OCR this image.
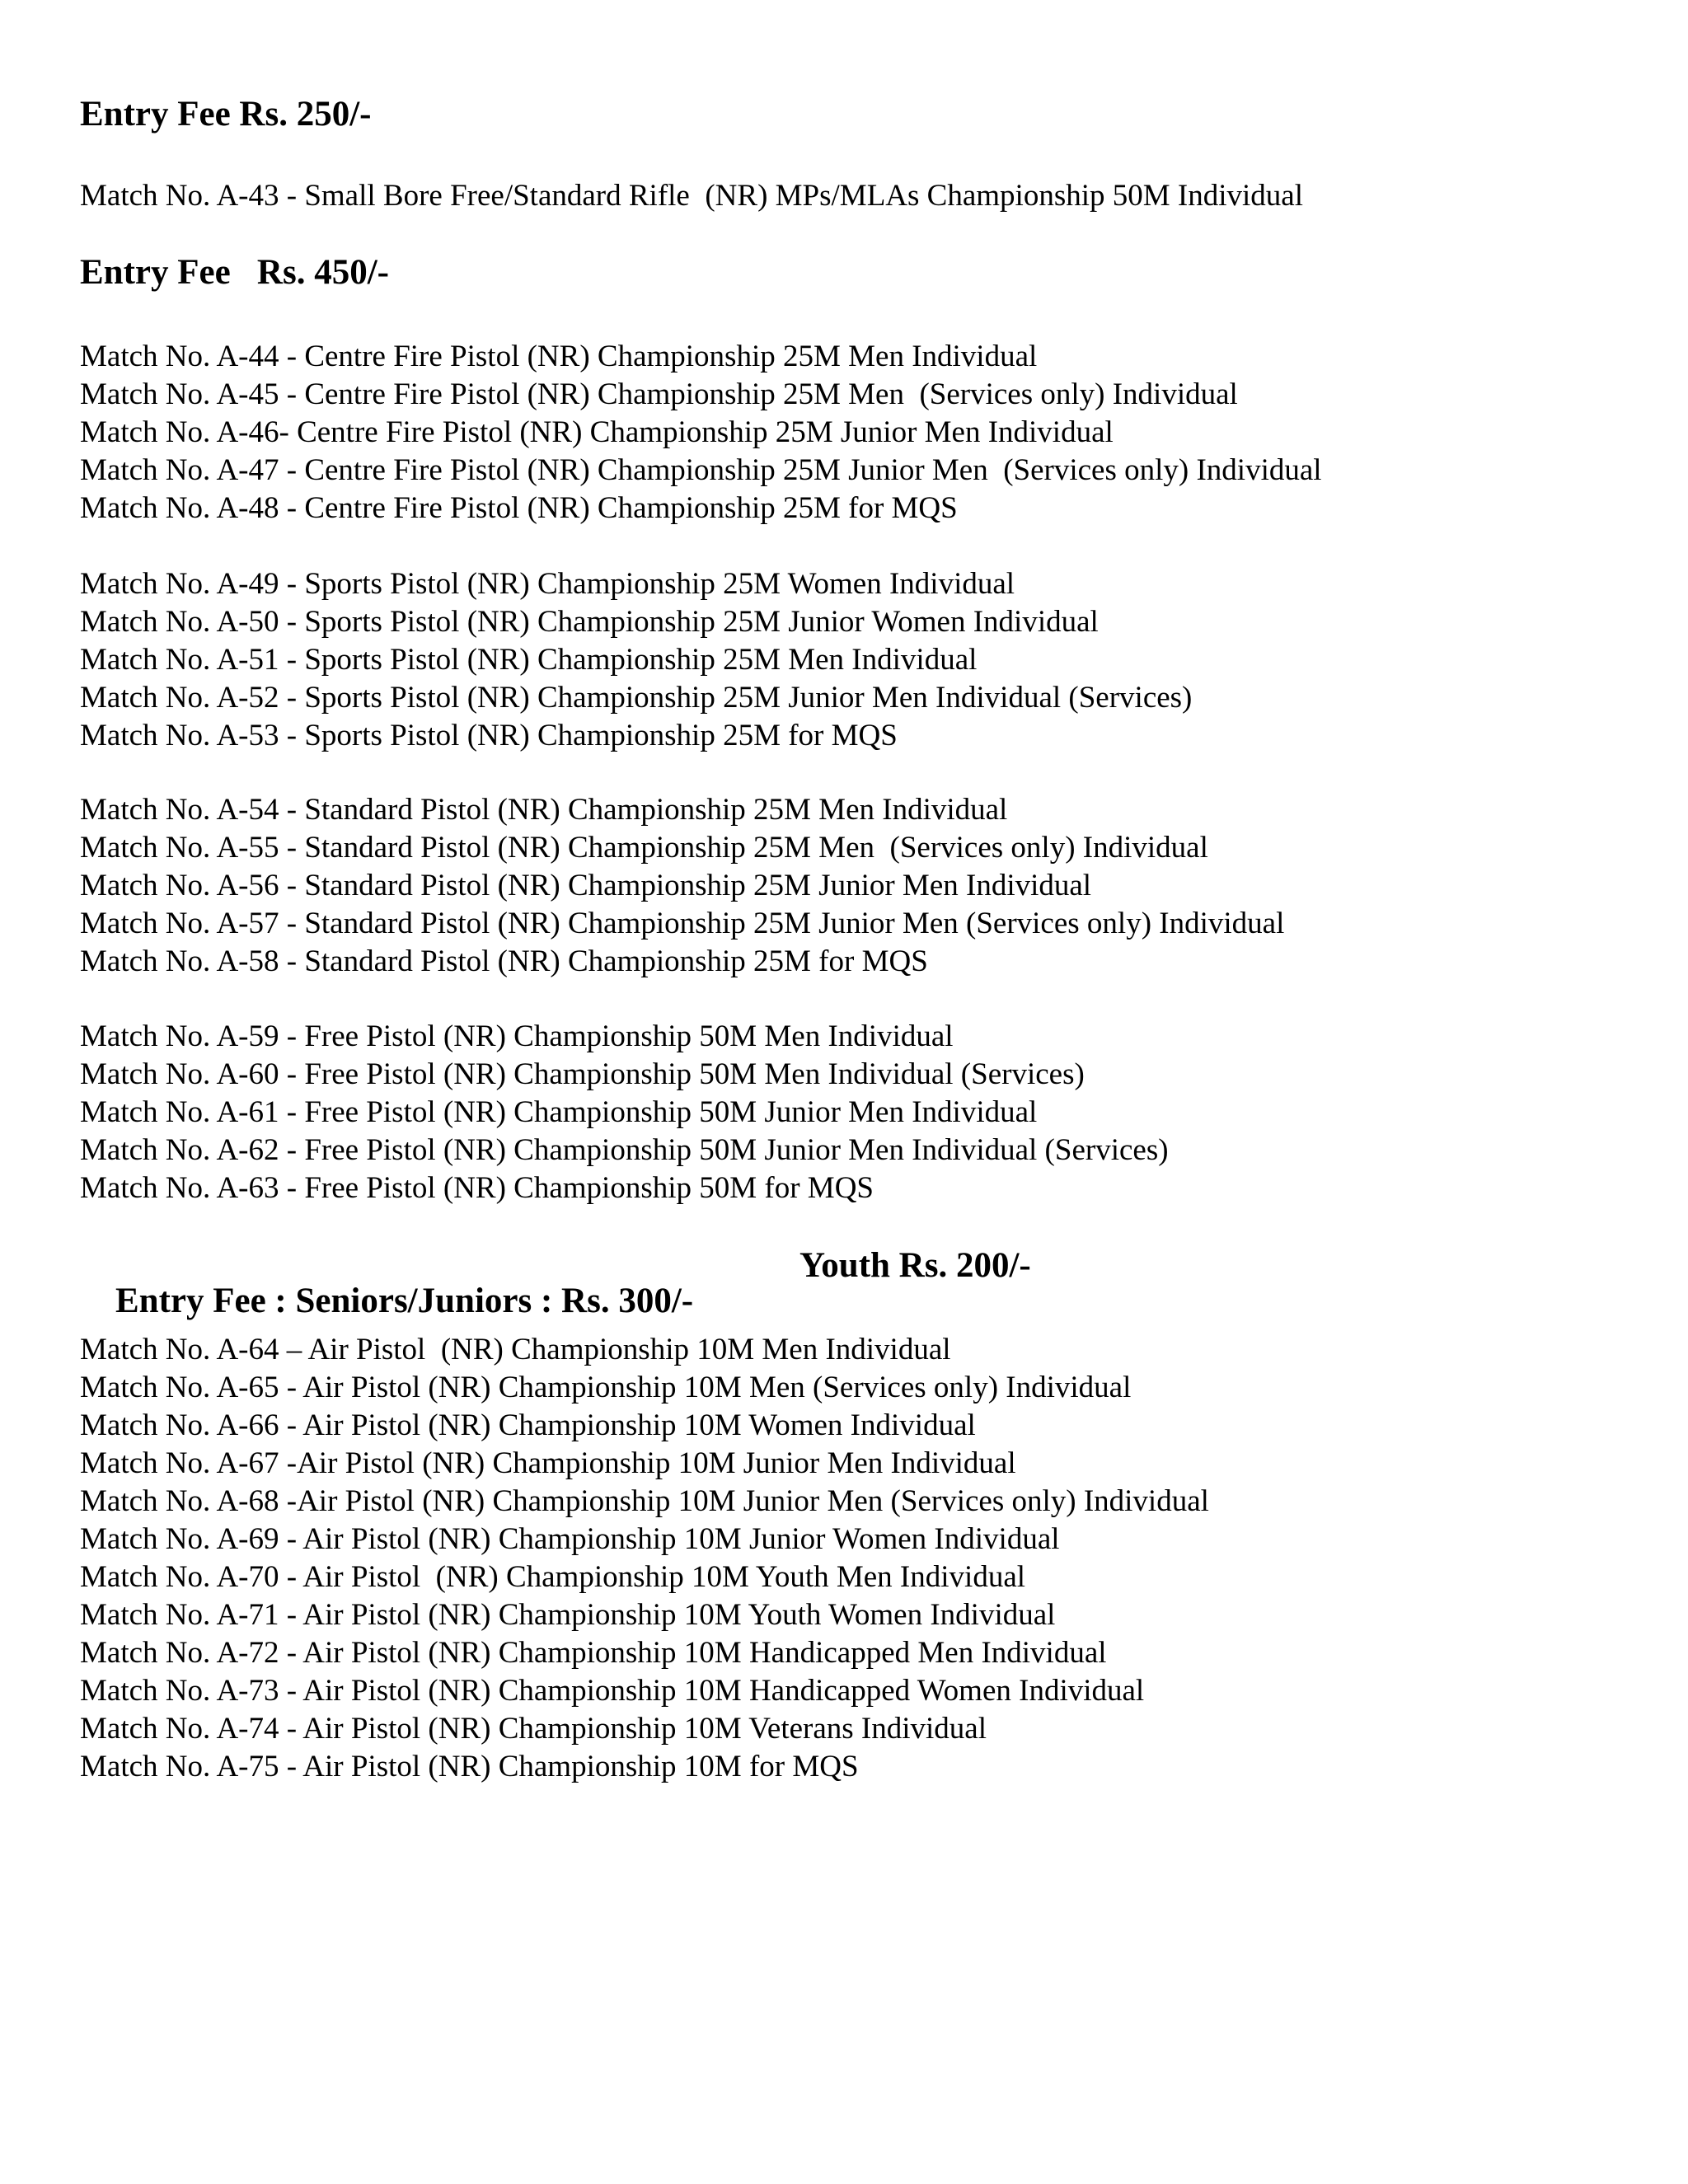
Entry Fee Rs. 250/-
Match No. A-43 - Small Bore Free/Standard Rifle  (NR) MPs/MLAs Championship 50M Individual
Entry Fee   Rs. 450/-
Match No. A-44 - Centre Fire Pistol (NR) Championship 25M Men Individual
Match No. A-45 - Centre Fire Pistol (NR) Championship 25M Men  (Services only) Individual
Match No. A-46- Centre Fire Pistol (NR) Championship 25M Junior Men Individual
Match No. A-47 - Centre Fire Pistol (NR) Championship 25M Junior Men  (Services only) Individual
Match No. A-48 - Centre Fire Pistol (NR) Championship 25M for MQS
Match No. A-49 - Sports Pistol (NR) Championship 25M Women Individual
Match No. A-50 - Sports Pistol (NR) Championship 25M Junior Women Individual
Match No. A-51 - Sports Pistol (NR) Championship 25M Men Individual
Match No. A-52 - Sports Pistol (NR) Championship 25M Junior Men Individual (Services)
Match No. A-53 - Sports Pistol (NR) Championship 25M for MQS
Match No. A-54 - Standard Pistol (NR) Championship 25M Men Individual
Match No. A-55 - Standard Pistol (NR) Championship 25M Men  (Services only) Individual
Match No. A-56 - Standard Pistol (NR) Championship 25M Junior Men Individual
Match No. A-57 - Standard Pistol (NR) Championship 25M Junior Men (Services only) Individual
Match No. A-58 - Standard Pistol (NR) Championship 25M for MQS
Match No. A-59 - Free Pistol (NR) Championship 50M Men Individual
Match No. A-60 - Free Pistol (NR) Championship 50M Men Individual (Services)
Match No. A-61 - Free Pistol (NR) Championship 50M Junior Men Individual
Match No. A-62 - Free Pistol (NR) Championship 50M Junior Men Individual (Services)
Match No. A-63 - Free Pistol (NR) Championship 50M for MQS

Entry Fee : Seniors/Juniors : Rs. 300/-

Youth Rs. 200/-

Match No. A-64 – Air Pistol  (NR) Championship 10M Men Individual
Match No. A-65 - Air Pistol (NR) Championship 10M Men (Services only) Individual
Match No. A-66 - Air Pistol (NR) Championship 10M Women Individual
Match No. A-67 -Air Pistol (NR) Championship 10M Junior Men Individual
Match No. A-68 -Air Pistol (NR) Championship 10M Junior Men (Services only) Individual
Match No. A-69 - Air Pistol (NR) Championship 10M Junior Women Individual
Match No. A-70 - Air Pistol  (NR) Championship 10M Youth Men Individual
Match No. A-71 - Air Pistol (NR) Championship 10M Youth Women Individual
Match No. A-72 - Air Pistol (NR) Championship 10M Handicapped Men Individual
Match No. A-73 - Air Pistol (NR) Championship 10M Handicapped Women Individual
Match No. A-74 - Air Pistol (NR) Championship 10M Veterans Individual
Match No. A-75 - Air Pistol (NR) Championship 10M for MQS
